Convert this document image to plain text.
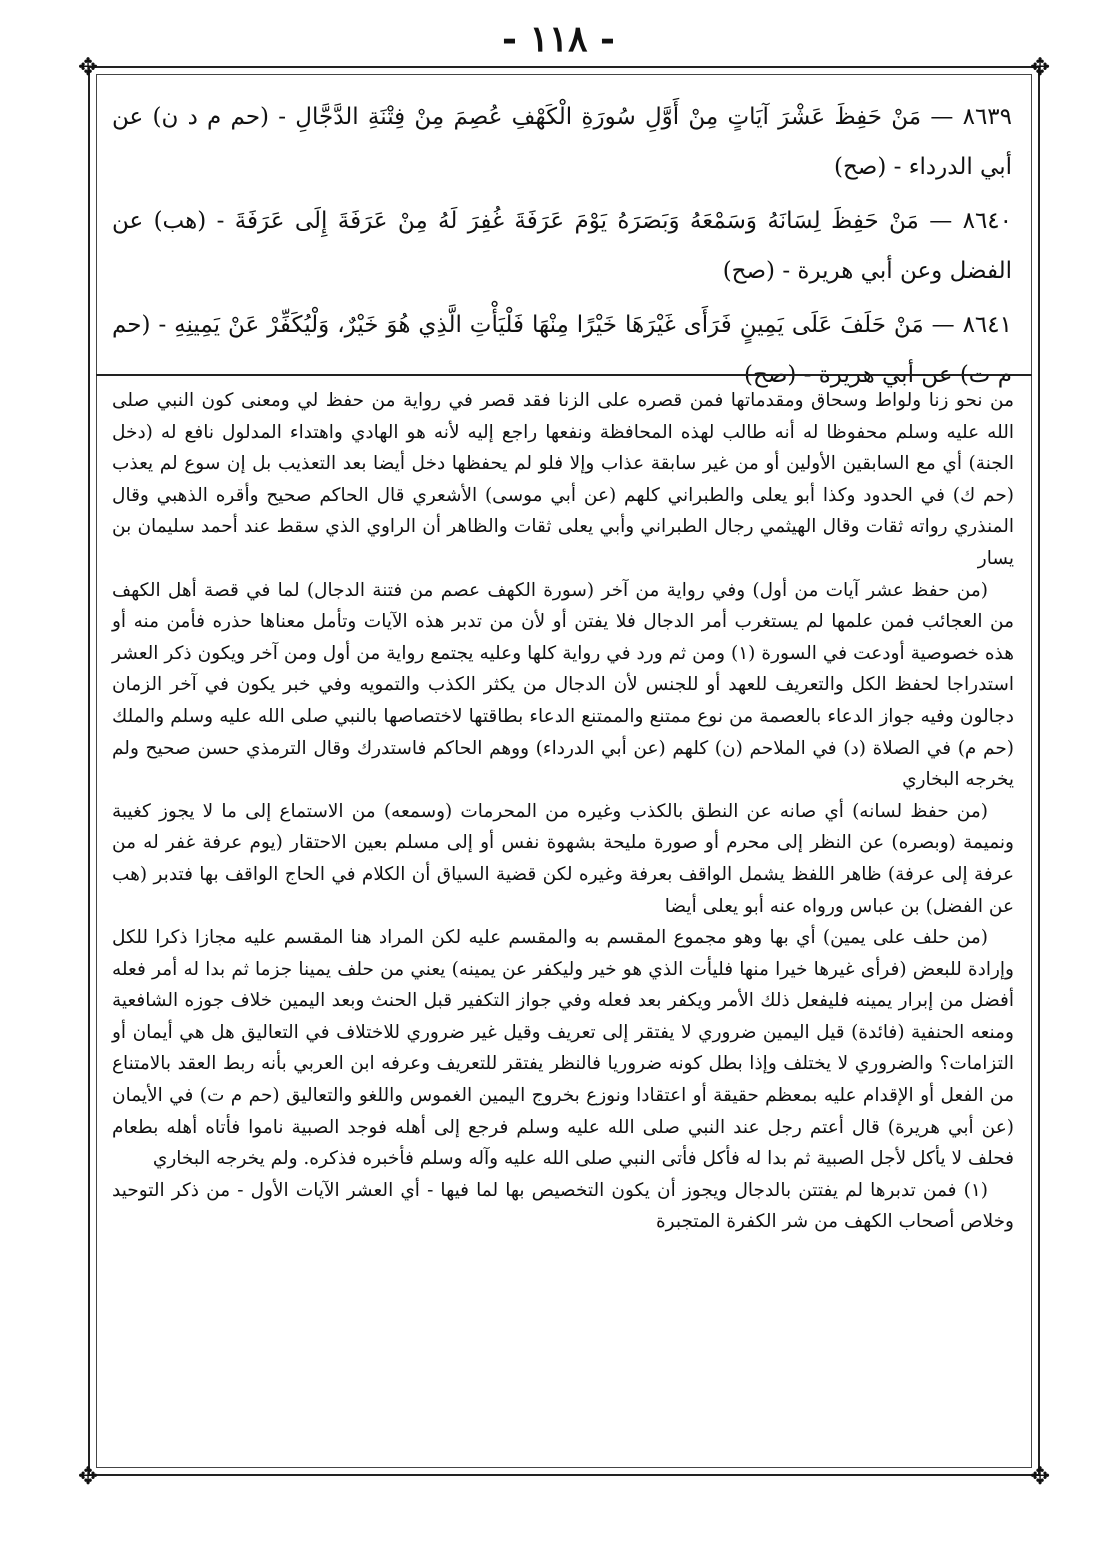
- ١١٨ -
✥	✥
✥	✥

٨٦٣٩ — مَنْ حَفِظَ عَشْرَ آيَاتٍ مِنْ أَوَّلِ سُورَةِ الْكَهْفِ عُصِمَ مِنْ فِتْنَةِ الدَّجَّالِ - (حم م د ن) عن أبي الدرداء - (صح)

٨٦٤٠ — مَنْ حَفِظَ لِسَانَهُ وَسَمْعَهُ وَبَصَرَهُ يَوْمَ عَرَفَةَ غُفِرَ لَهُ مِنْ عَرَفَةَ إِلَى عَرَفَةَ - (هب) عن الفضل وعن أبي هريرة - (صح)

٨٦٤١ — مَنْ حَلَفَ عَلَى يَمِينٍ فَرَأَى غَيْرَهَا خَيْرًا مِنْهَا فَلْيَأْتِ الَّذِي هُوَ خَيْرٌ، وَلْيُكَفِّرْ عَنْ يَمِينِهِ - (حم م ت) عن أبي هريرة - (صح)

من نحو زنا ولواط وسحاق ومقدماتها فمن قصره على الزنا فقد قصر في رواية من حفظ لي ومعنى كون النبي صلى الله عليه وسلم محفوظا له أنه طالب لهذه المحافظة ونفعها راجع إليه لأنه هو الهادي واهتداء المدلول نافع له (دخل الجنة) أي مع السابقين الأولين أو من غير سابقة عذاب وإلا فلو لم يحفظها دخل أيضا بعد التعذيب بل إن سوع لم يعذب (حم ك) في الحدود وكذا أبو يعلى والطبراني كلهم (عن أبي موسى) الأشعري قال الحاكم صحيح وأقره الذهبي وقال المنذري رواته ثقات وقال الهيثمي رجال الطبراني وأبي يعلى ثقات والظاهر أن الراوي الذي سقط عند أحمد سليمان بن يسار

(من حفظ عشر آيات من أول) وفي رواية من آخر (سورة الكهف عصم من فتنة الدجال) لما في قصة أهل الكهف من العجائب فمن علمها لم يستغرب أمر الدجال فلا يفتن أو لأن من تدبر هذه الآيات وتأمل معناها حذره فأمن منه أو هذه خصوصية أودعت في السورة (١) ومن ثم ورد في رواية كلها وعليه يجتمع رواية من أول ومن آخر ويكون ذكر العشر استدراجا لحفظ الكل والتعريف للعهد أو للجنس لأن الدجال من يكثر الكذب والتمويه وفي خبر يكون في آخر الزمان دجالون وفيه جواز الدعاء بالعصمة من نوع ممتنع والممتنع الدعاء بطاقتها لاختصاصها بالنبي صلى الله عليه وسلم والملك (حم م) في الصلاة (د) في الملاحم (ن) كلهم (عن أبي الدرداء) ووهم الحاكم فاستدرك وقال الترمذي حسن صحيح ولم يخرجه البخاري

(من حفظ لسانه) أي صانه عن النطق بالكذب وغيره من المحرمات (وسمعه) من الاستماع إلى ما لا يجوز كغيبة ونميمة (وبصره) عن النظر إلى محرم أو صورة مليحة بشهوة نفس أو إلى مسلم بعين الاحتقار (يوم عرفة غفر له من عرفة إلى عرفة) ظاهر اللفظ يشمل الواقف بعرفة وغيره لكن قضية السياق أن الكلام في الحاج الواقف بها فتدبر (هب عن الفضل) بن عباس ورواه عنه أبو يعلى أيضا

(من حلف على يمين) أي بها وهو مجموع المقسم به والمقسم عليه لكن المراد هنا المقسم عليه مجازا ذكرا للكل وإرادة للبعض (فرأى غيرها خيرا منها فليأت الذي هو خير وليكفر عن يمينه) يعني من حلف يمينا جزما ثم بدا له أمر فعله أفضل من إبرار يمينه فليفعل ذلك الأمر ويكفر بعد فعله وفي جواز التكفير قبل الحنث وبعد اليمين خلاف جوزه الشافعية ومنعه الحنفية (فائدة) قيل اليمين ضروري لا يفتقر إلى تعريف وقيل غير ضروري للاختلاف في التعاليق هل هي أيمان أو التزامات؟ والضروري لا يختلف وإذا بطل كونه ضروريا فالنظر يفتقر للتعريف وعرفه ابن العربي بأنه ربط العقد بالامتناع من الفعل أو الإقدام عليه بمعظم حقيقة أو اعتقادا ونوزع بخروج اليمين الغموس واللغو والتعاليق (حم م ت) في الأيمان (عن أبي هريرة) قال أعتم رجل عند النبي صلى الله عليه وسلم فرجع إلى أهله فوجد الصبية ناموا فأتاه أهله بطعام فحلف لا يأكل لأجل الصبية ثم بدا له فأكل فأتى النبي صلى الله عليه وآله وسلم فأخبره فذكره. ولم يخرجه البخاري

(١) فمن تدبرها لم يفتتن بالدجال ويجوز أن يكون التخصيص بها لما فيها - أي العشر الآيات الأول - من ذكر التوحيد وخلاص أصحاب الكهف من شر الكفرة المتجبرة
